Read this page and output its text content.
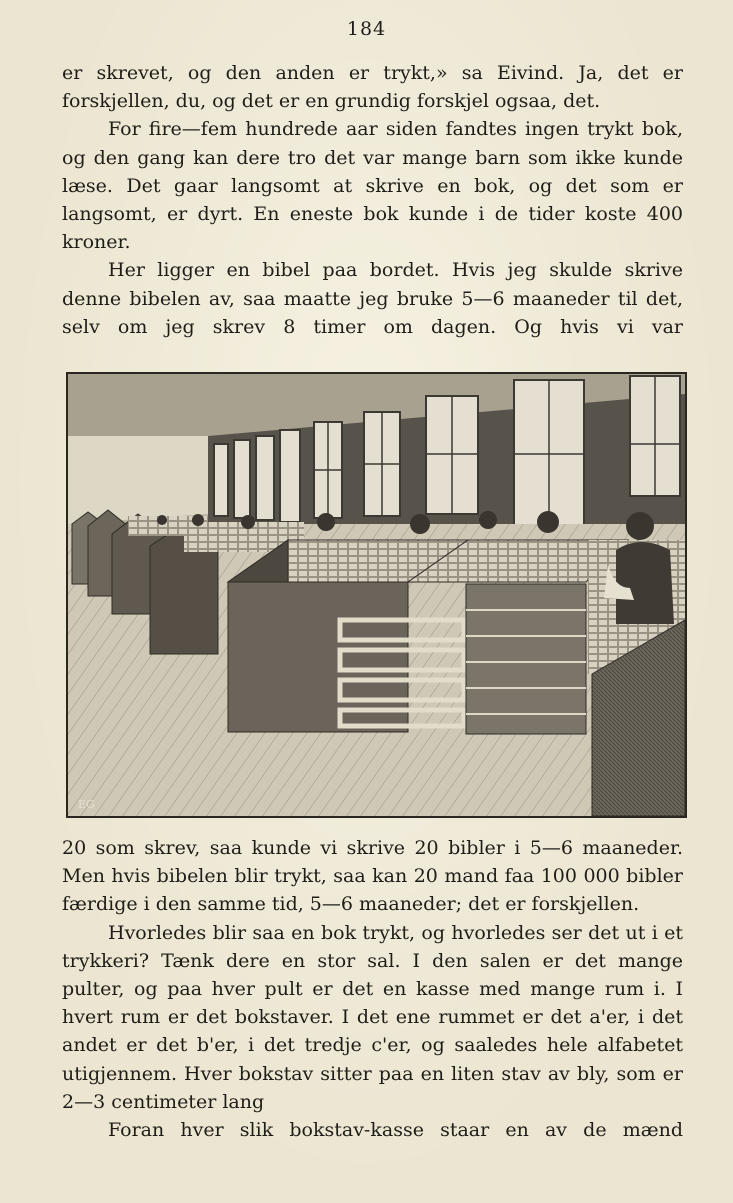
184

er skrevet, og den anden er trykt,» sa Eivind. Ja, det er forskjellen, du, og det er en grundig forskjel ogsaa, det.

For fire—fem hundrede aar siden fandtes ingen trykt bok, og den gang kan dere tro det var mange barn som ikke kunde læse. Det gaar langsomt at skrive en bok, og det som er langsomt, er dyrt. En eneste bok kunde i de tider koste 400 kroner.

Her ligger en bibel paa bordet. Hvis jeg skulde skrive denne bibelen av, saa maatte jeg bruke 5—6 maaneder til det, selv om jeg skrev 8 timer om dagen. Og hvis vi var

EG

20 som skrev, saa kunde vi skrive 20 bibler i 5—6 maaneder. Men hvis bibelen blir trykt, saa kan 20 mand faa 100 000 bibler færdige i den samme tid, 5—6 maaneder; det er forskjellen.

Hvorledes blir saa en bok trykt, og hvorledes ser det ut i et trykkeri? Tænk dere en stor sal. I den salen er det mange pulter, og paa hver pult er det en kasse med mange rum i. I hvert rum er det bokstaver. I det ene rummet er det a'er, i det andet er det b'er, i det tredje c'er, og saaledes hele alfabetet utigjennem. Hver bokstav sitter paa en liten stav av bly, som er 2—3 centimeter lang

Foran hver slik bokstav-kasse staar en av de mænd
